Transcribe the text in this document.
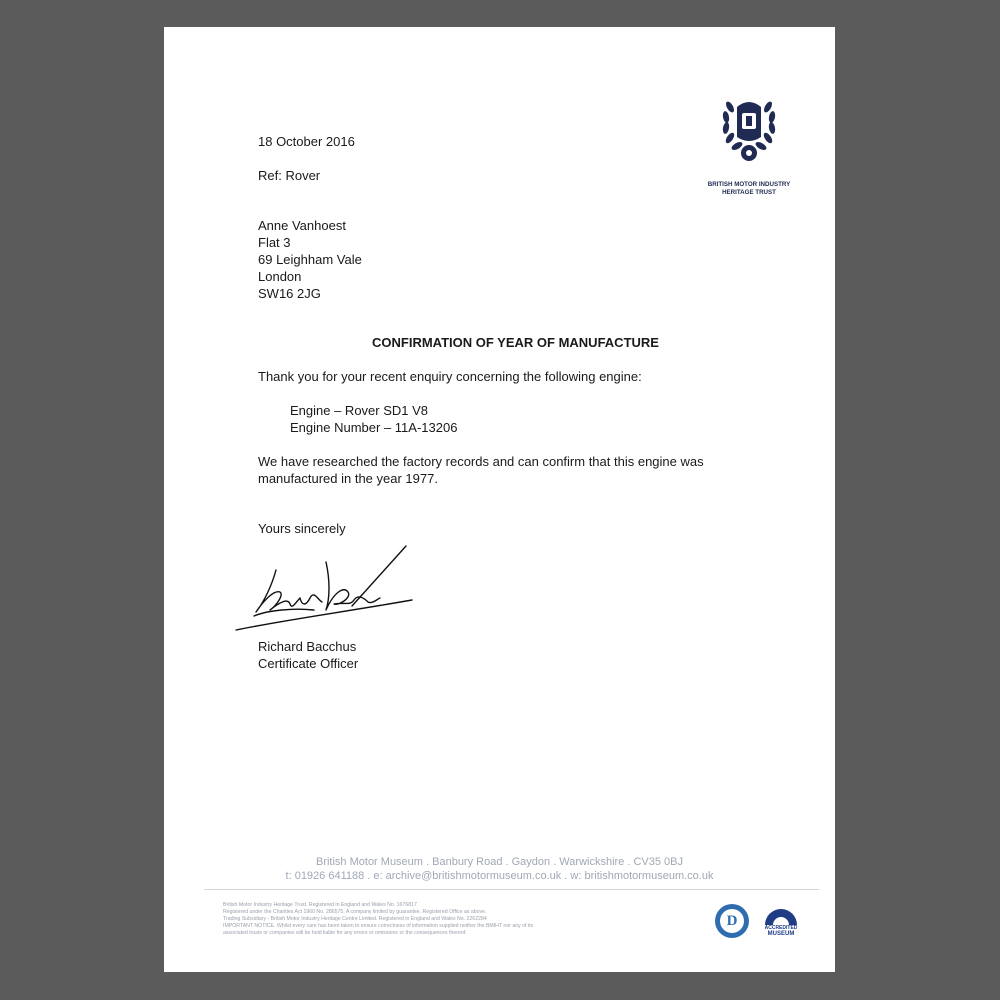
BRITISH MOTOR INDUSTRY
HERITAGE TRUST
18 October 2016
Ref: Rover
Anne Vanhoest
Flat 3
69 Leighham Vale
London
SW16 2JG
CONFIRMATION OF YEAR OF MANUFACTURE
Thank you for your recent enquiry concerning the following engine:
Engine – Rover SD1 V8
Engine Number – 11A-13206
We have researched the factory records and can confirm that this engine was
manufactured in the year 1977.
Yours sincerely
Richard Bacchus
Certificate Officer
British Motor Museum . Banbury Road . Gaydon . Warwickshire . CV35 0BJ
t: 01926 641188 . e: archive@britishmotormuseum.co.uk . w: britishmotormuseum.co.uk
British Motor Industry Heritage Trust. Registered in England and Wales No. 1676817
Registered under the Charities Act 1960 No. 286575. A company limited by guarantee. Registered Office as above.
Trading Subsidiary - British Motor Industry Heritage Centre Limited. Registered in England and Wales No. 2262284
IMPORTANT NOTICE. Whilst every care has been taken to ensure correctness of information supplied neither the BMIHT nor any of its
associated trusts or companies will be held liable for any errors or omissions or the consequences thereof.
D	ACCREDITED
MUSEUM
